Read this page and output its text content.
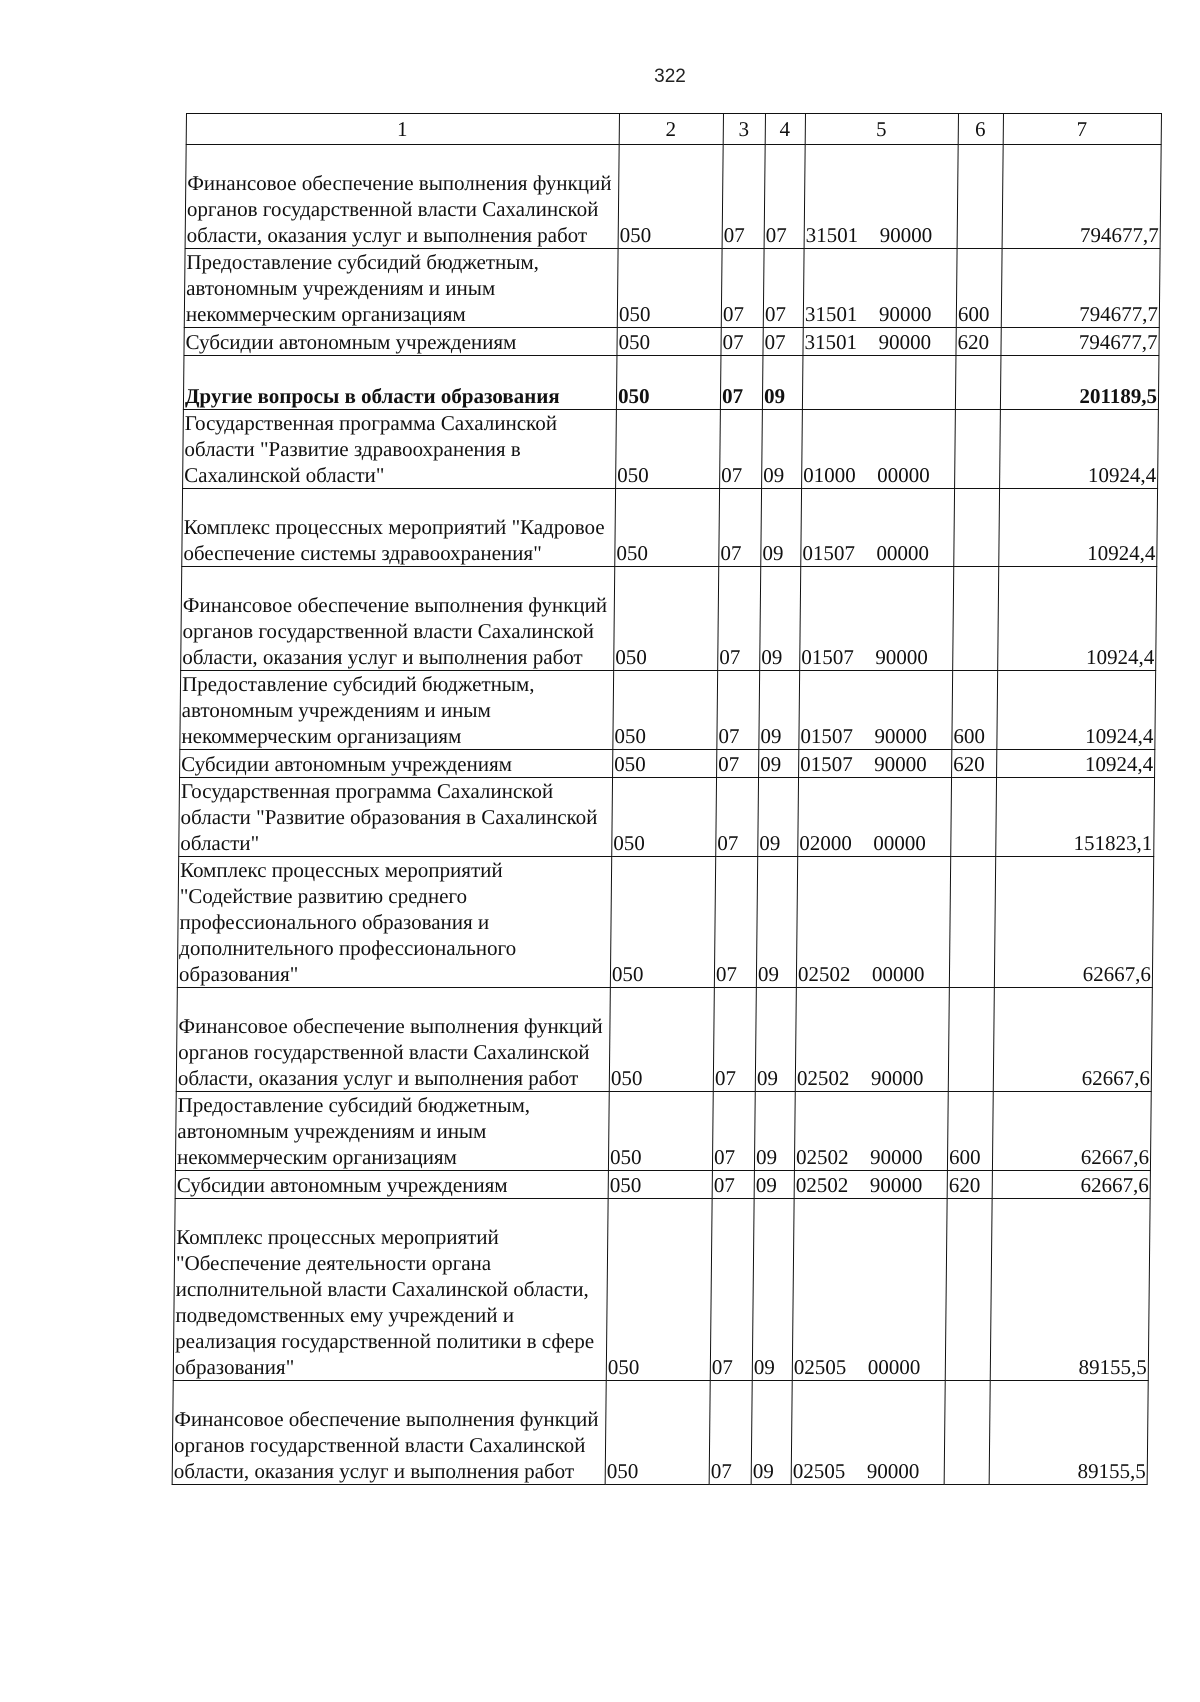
322
1	2	3	4	5	6	7
Финансовое обеспечение выполнения функций органов государственной власти Сахалинской области, оказания услуг и выполнения работ	050	07	07	31501 90000		794677,7
Предоставление субсидий бюджетным, автономным учреждениям и иным некоммерческим организациям	050	07	07	31501 90000	600	794677,7
Субсидии автономным учреждениям	050	07	07	31501 90000	620	794677,7
Другие вопросы в области образования	050	07	09			201189,5
Государственная программа Сахалинской области "Развитие здравоохранения в Сахалинской области"	050	07	09	01000 00000		10924,4
Комплекс процессных мероприятий "Кадровое обеспечение системы здравоохранения"	050	07	09	01507 00000		10924,4
Финансовое обеспечение выполнения функций органов государственной власти Сахалинской области, оказания услуг и выполнения работ	050	07	09	01507 90000		10924,4
Предоставление субсидий бюджетным, автономным учреждениям и иным некоммерческим организациям	050	07	09	01507 90000	600	10924,4
Субсидии автономным учреждениям	050	07	09	01507 90000	620	10924,4
Государственная программа Сахалинской области "Развитие образования в Сахалинской области"	050	07	09	02000 00000		151823,1
Комплекс процессных мероприятий "Содействие развитию среднего профессионального образования и дополнительного профессионального образования"	050	07	09	02502 00000		62667,6
Финансовое обеспечение выполнения функций органов государственной власти Сахалинской области, оказания услуг и выполнения работ	050	07	09	02502 90000		62667,6
Предоставление субсидий бюджетным, автономным учреждениям и иным некоммерческим организациям	050	07	09	02502 90000	600	62667,6
Субсидии автономным учреждениям	050	07	09	02502 90000	620	62667,6
Комплекс процессных мероприятий "Обеспечение деятельности органа исполнительной власти Сахалинской области, подведомственных ему учреждений и реализация государственной политики в сфере образования"	050	07	09	02505 00000		89155,5
Финансовое обеспечение выполнения функций органов государственной власти Сахалинской области, оказания услуг и выполнения работ	050	07	09	02505 90000		89155,5
